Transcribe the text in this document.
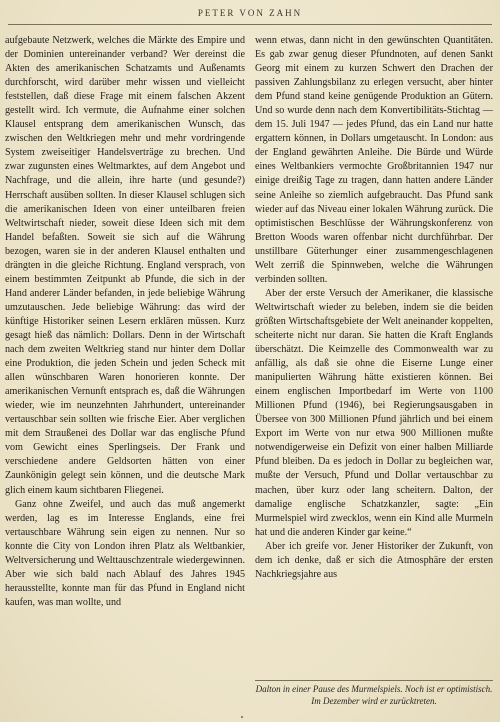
PETER VON ZAHN

aufgebaute Netzwerk, welches die Märkte des Empire und der Dominien untereinander verband? Wer dereinst die Akten des amerikanischen Schatzamts und Außenamts durchforscht, wird darüber mehr wissen und vielleicht feststellen, daß diese Frage mit einem falschen Akzent gestellt wird. Ich vermute, die Aufnahme einer solchen Klausel entsprang dem amerikanischen Wunsch, das zwischen den Weltkriegen mehr und mehr vordringende System zweiseitiger Handelsverträge zu brechen. Und zwar zugunsten eines Weltmarktes, auf dem Angebot und Nachfrage, und die allein, ihre harte (und gesunde?) Herrschaft ausüben sollten. In dieser Klausel schlugen sich die amerikanischen Ideen von einer unteilbaren freien Weltwirtschaft nieder, soweit diese Ideen sich mit dem Handel befaßten. Soweit sie sich auf die Währung bezogen, waren sie in der anderen Klausel enthalten und drängten in die gleiche Richtung. England versprach, von einem bestimmten Zeitpunkt ab Pfunde, die sich in der Hand anderer Länder befanden, in jede beliebige Währung umzutauschen. Jede beliebige Währung: das wird der künftige Historiker seinen Lesern erklären müssen. Kurz gesagt hieß das nämlich: Dollars. Denn in der Wirtschaft nach dem zweiten Weltkrieg stand nur hinter dem Dollar eine Produktion, die jeden Schein und jeden Scheck mit allen wünschbaren Waren honorieren konnte. Der amerikanischen Vernunft entsprach es, daß die Währungen wieder, wie im neunzehnten Jahrhundert, untereinander vertauschbar sein sollten wie frische Eier. Aber verglichen mit dem Straußenei des Dollar war das englische Pfund vom Gewicht eines Sperlingseis. Der Frank und verschiedene andere Geldsorten hätten von einer Zaunkönigin gelegt sein können, und die deutsche Mark glich einem kaum sichtbaren Fliegenei.

Ganz ohne Zweifel, und auch das muß angemerkt werden, lag es im Interesse Englands, eine frei vertauschbare Währung sein eigen zu nennen. Nur so konnte die City von London ihren Platz als Weltbankier, Weltversicherung und Welttauschzentrale wiedergewinnen. Aber wie sich bald nach Ablauf des Jahres 1945 herausstellte, konnte man für das Pfund in England nicht kaufen, was man wollte, und

wenn etwas, dann nicht in den gewünschten Quantitäten. Es gab zwar genug dieser Pfundnoten, auf denen Sankt Georg mit einem zu kurzen Schwert den Drachen der passiven Zahlungsbilanz zu erlegen versucht, aber hinter dem Pfund stand keine genügende Produktion an Gütern. Und so wurde denn nach dem Konvertibilitäts-Stichtag — dem 15. Juli 1947 — jedes Pfund, das ein Land nur hatte ergattern können, in Dollars umgetauscht. In London: aus der England gewährten Anleihe. Die Bürde und Würde eines Weltbankiers vermochte Großbritannien 1947 nur einige dreißig Tage zu tragen, dann hatten andere Länder seine Anleihe so ziemlich aufgebraucht. Das Pfund sank wieder auf das Niveau einer lokalen Währung zurück. Die optimistischen Beschlüsse der Währungskonferenz von Bretton Woods waren offenbar nicht durchführbar. Der unstillbare Güterhunger einer zusammengeschlagenen Welt zerriß die Spinnweben, welche die Währungen verbinden sollten.

Aber der erste Versuch der Amerikaner, die klassische Weltwirtschaft wieder zu beleben, indem sie die beiden größten Wirtschaftsgebiete der Welt aneinander koppelten, scheiterte nicht nur daran. Sie hatten die Kraft Englands überschätzt. Die Keimzelle des Commonwealth war zu anfällig, als daß sie ohne die Eiserne Lunge einer manipulierten Währung hätte existieren können. Bei einem englischen Importbedarf im Werte von 1100 Millionen Pfund (1946), bei Regierungsausgaben in Übersee von 300 Millionen Pfund jährlich und bei einem Export im Werte von nur etwa 900 Millionen mußte notwendigerweise ein Defizit von einer halben Milliarde Pfund bleiben. Da es jedoch in Dollar zu begleichen war, mußte der Versuch, Pfund und Dollar vertauschbar zu machen, über kurz oder lang scheitern. Dalton, der damalige englische Schatzkanzler, sagte: „Ein Murmelspiel wird zwecklos, wenn ein Kind alle Murmeln hat und die anderen Kinder gar keine.“

Aber ich greife vor. Jener Historiker der Zukunft, von dem ich denke, daß er sich die Atmosphäre der ersten Nachkriegsjahre aus

Dalton in einer Pause des Murmelspiels. Noch ist er optimistisch. Im Dezember wird er zurücktreten.
